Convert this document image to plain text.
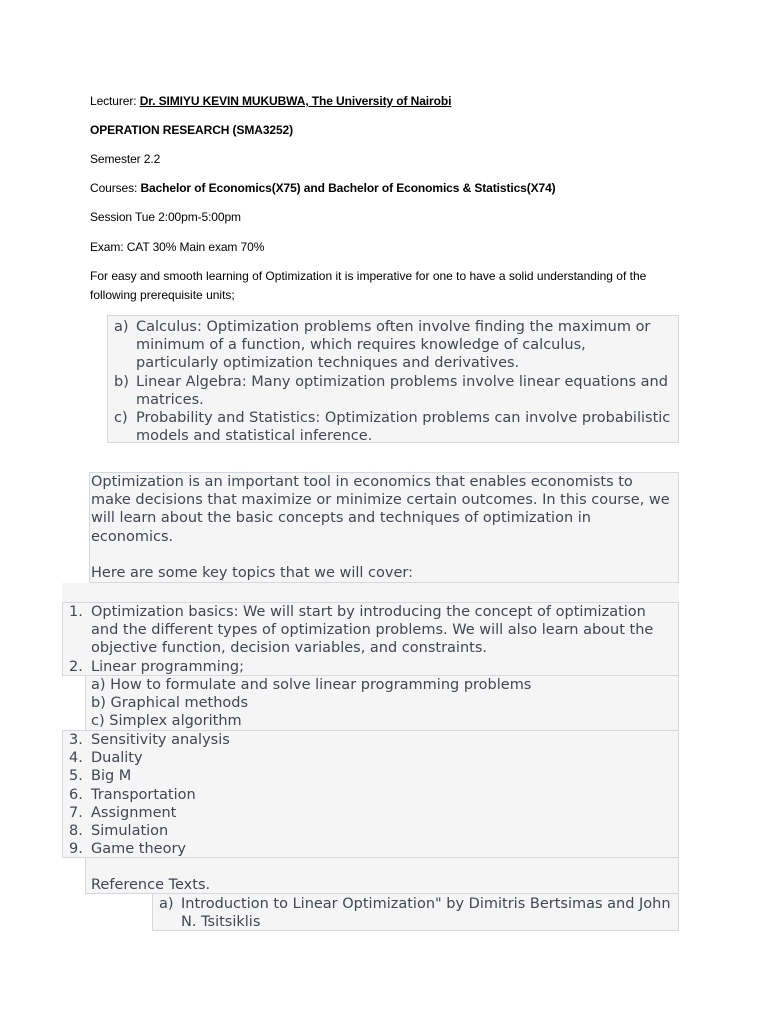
Lecturer: Dr. SIMIYU KEVIN MUKUBWA, The University of Nairobi
OPERATION RESEARCH (SMA3252)
Semester 2.2
Courses: Bachelor of Economics(X75) and Bachelor of Economics & Statistics(X74)
Session Tue 2:00pm-5:00pm
Exam: CAT 30% Main exam 70%
For easy and smooth learning of Optimization it is imperative for one to have a solid understanding of the following prerequisite units;
a) Calculus: Optimization problems often involve finding the maximum or minimum of a function, which requires knowledge of calculus, particularly optimization techniques and derivatives.
b) Linear Algebra: Many optimization problems involve linear equations and matrices.
c) Probability and Statistics: Optimization problems can involve probabilistic models and statistical inference.
Optimization is an important tool in economics that enables economists to make decisions that maximize or minimize certain outcomes. In this course, we will learn about the basic concepts and techniques of optimization in economics.
Here are some key topics that we will cover:
1. Optimization basics: We will start by introducing the concept of optimization and the different types of optimization problems. We will also learn about the objective function, decision variables, and constraints.
2. Linear programming;
a) How to formulate and solve linear programming problems
b) Graphical methods
c) Simplex algorithm
3. Sensitivity analysis
4. Duality
5. Big M
6. Transportation
7. Assignment
8. Simulation
9. Game theory
Reference Texts.
a) Introduction to Linear Optimization" by Dimitris Bertsimas and John N. Tsitsiklis
